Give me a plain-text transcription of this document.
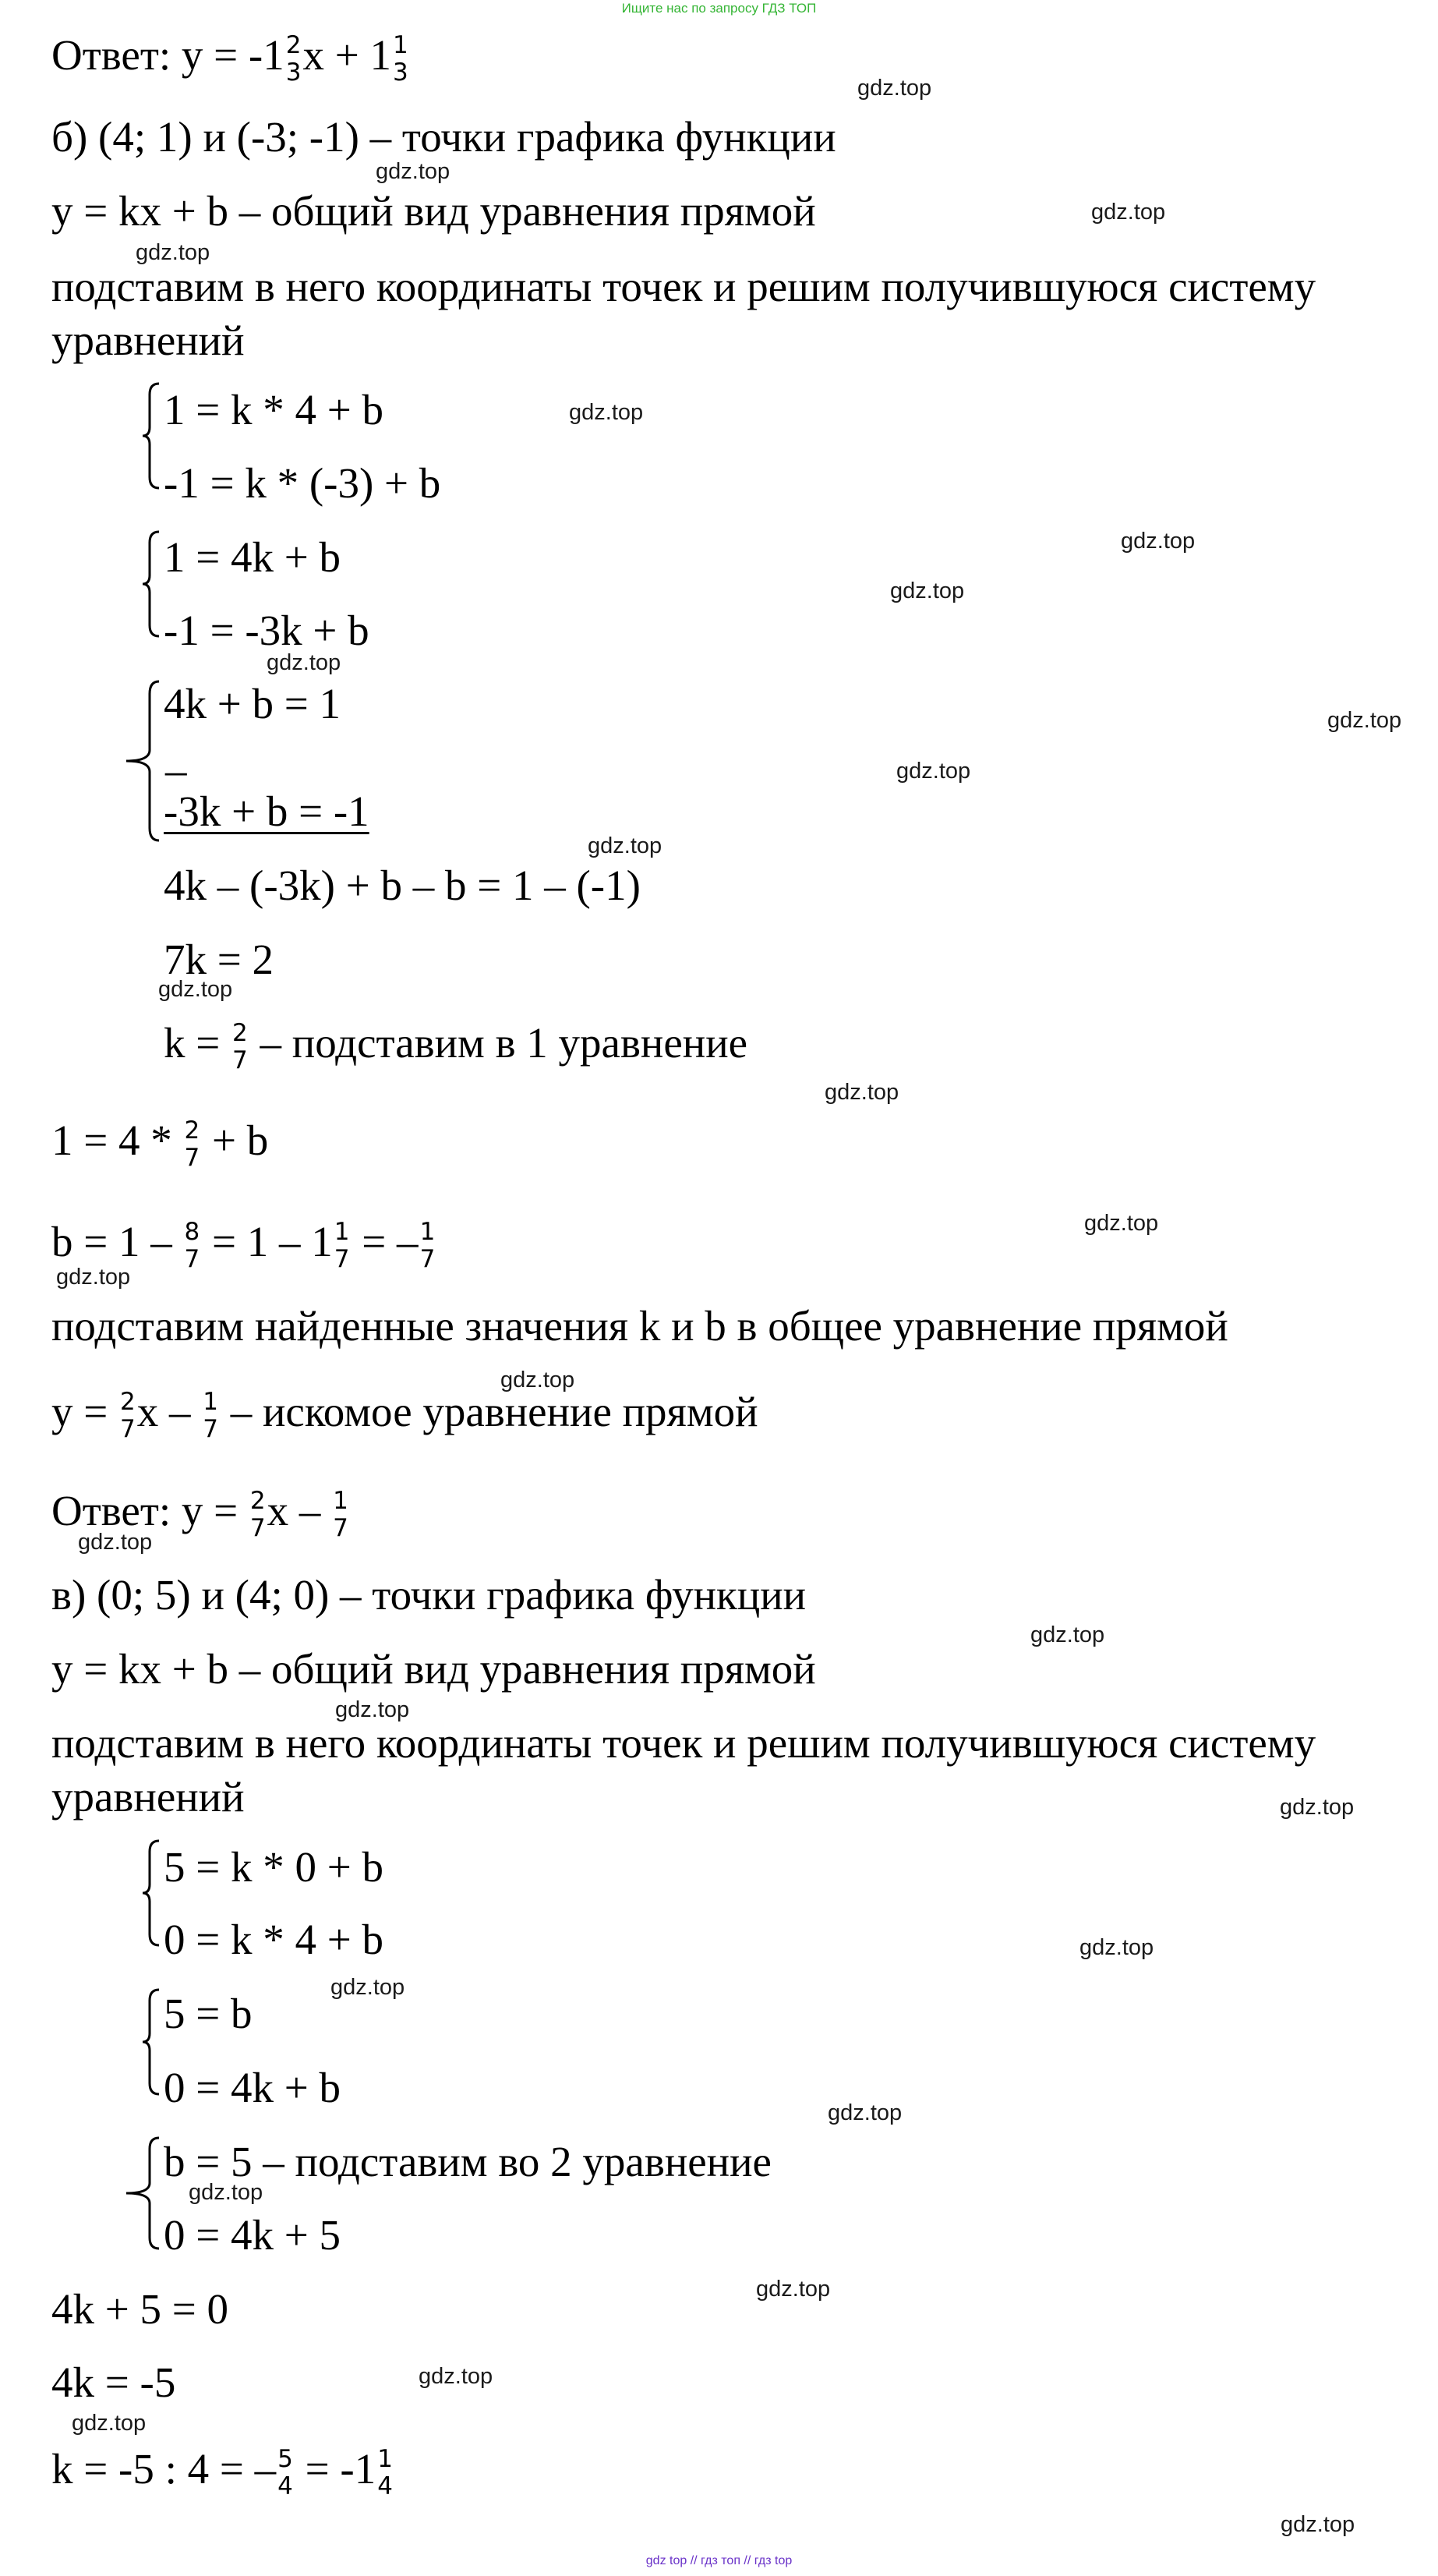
Ищите нас по запросу ГДЗ ТОП
Ответ: y = -1 2
3 x + 1 1
3
б) (4; 1) и (-3; -1) – точки графика функции
y = kx + b – общий вид уравнения прямой
подставим в него координаты точек и решим получившуюся систему уравнений
1 = k * 4 + b
-1 = k * (-3) + b
1 = 4k + b
-1 = -3k + b
4k + b = 1
–
-3k + b = -1
4k – (-3k) + b – b = 1 – (-1)
7k = 2
k = 2
7 – подставим в 1 уравнение
1 = 4 * 2
7 + b
b = 1 – 8
7 = 1 – 1 1
7 = – 1
7
подставим найденные значения k и b в общее уравнение прямой
y = 2
7 x – 1
7 – искомое уравнение прямой
Ответ: y = 2
7 x – 1
7
в) (0; 5) и (4; 0) – точки графика функции
y = kx + b – общий вид уравнения прямой
подставим в него координаты точек и решим получившуюся систему уравнений
5 = k * 0 + b
0 = k * 4 + b
5 = b
0 = 4k + b
b = 5 – подставим во 2 уравнение
0 = 4k + 5
4k + 5 = 0
4k = -5
k = -5 : 4 = – 5
4 = -1 1
4
gdz.top
gdz.top
gdz.top
gdz.top
gdz.top
gdz.top
gdz.top
gdz.top
gdz.top
gdz.top
gdz.top
gdz.top
gdz.top
gdz.top
gdz.top
gdz.top
gdz.top
gdz.top
gdz.top
gdz.top
gdz.top
gdz.top
gdz.top
gdz.top
gdz.top
gdz.top
gdz.top
gdz.top
gdz top // гдз топ // гдз top
